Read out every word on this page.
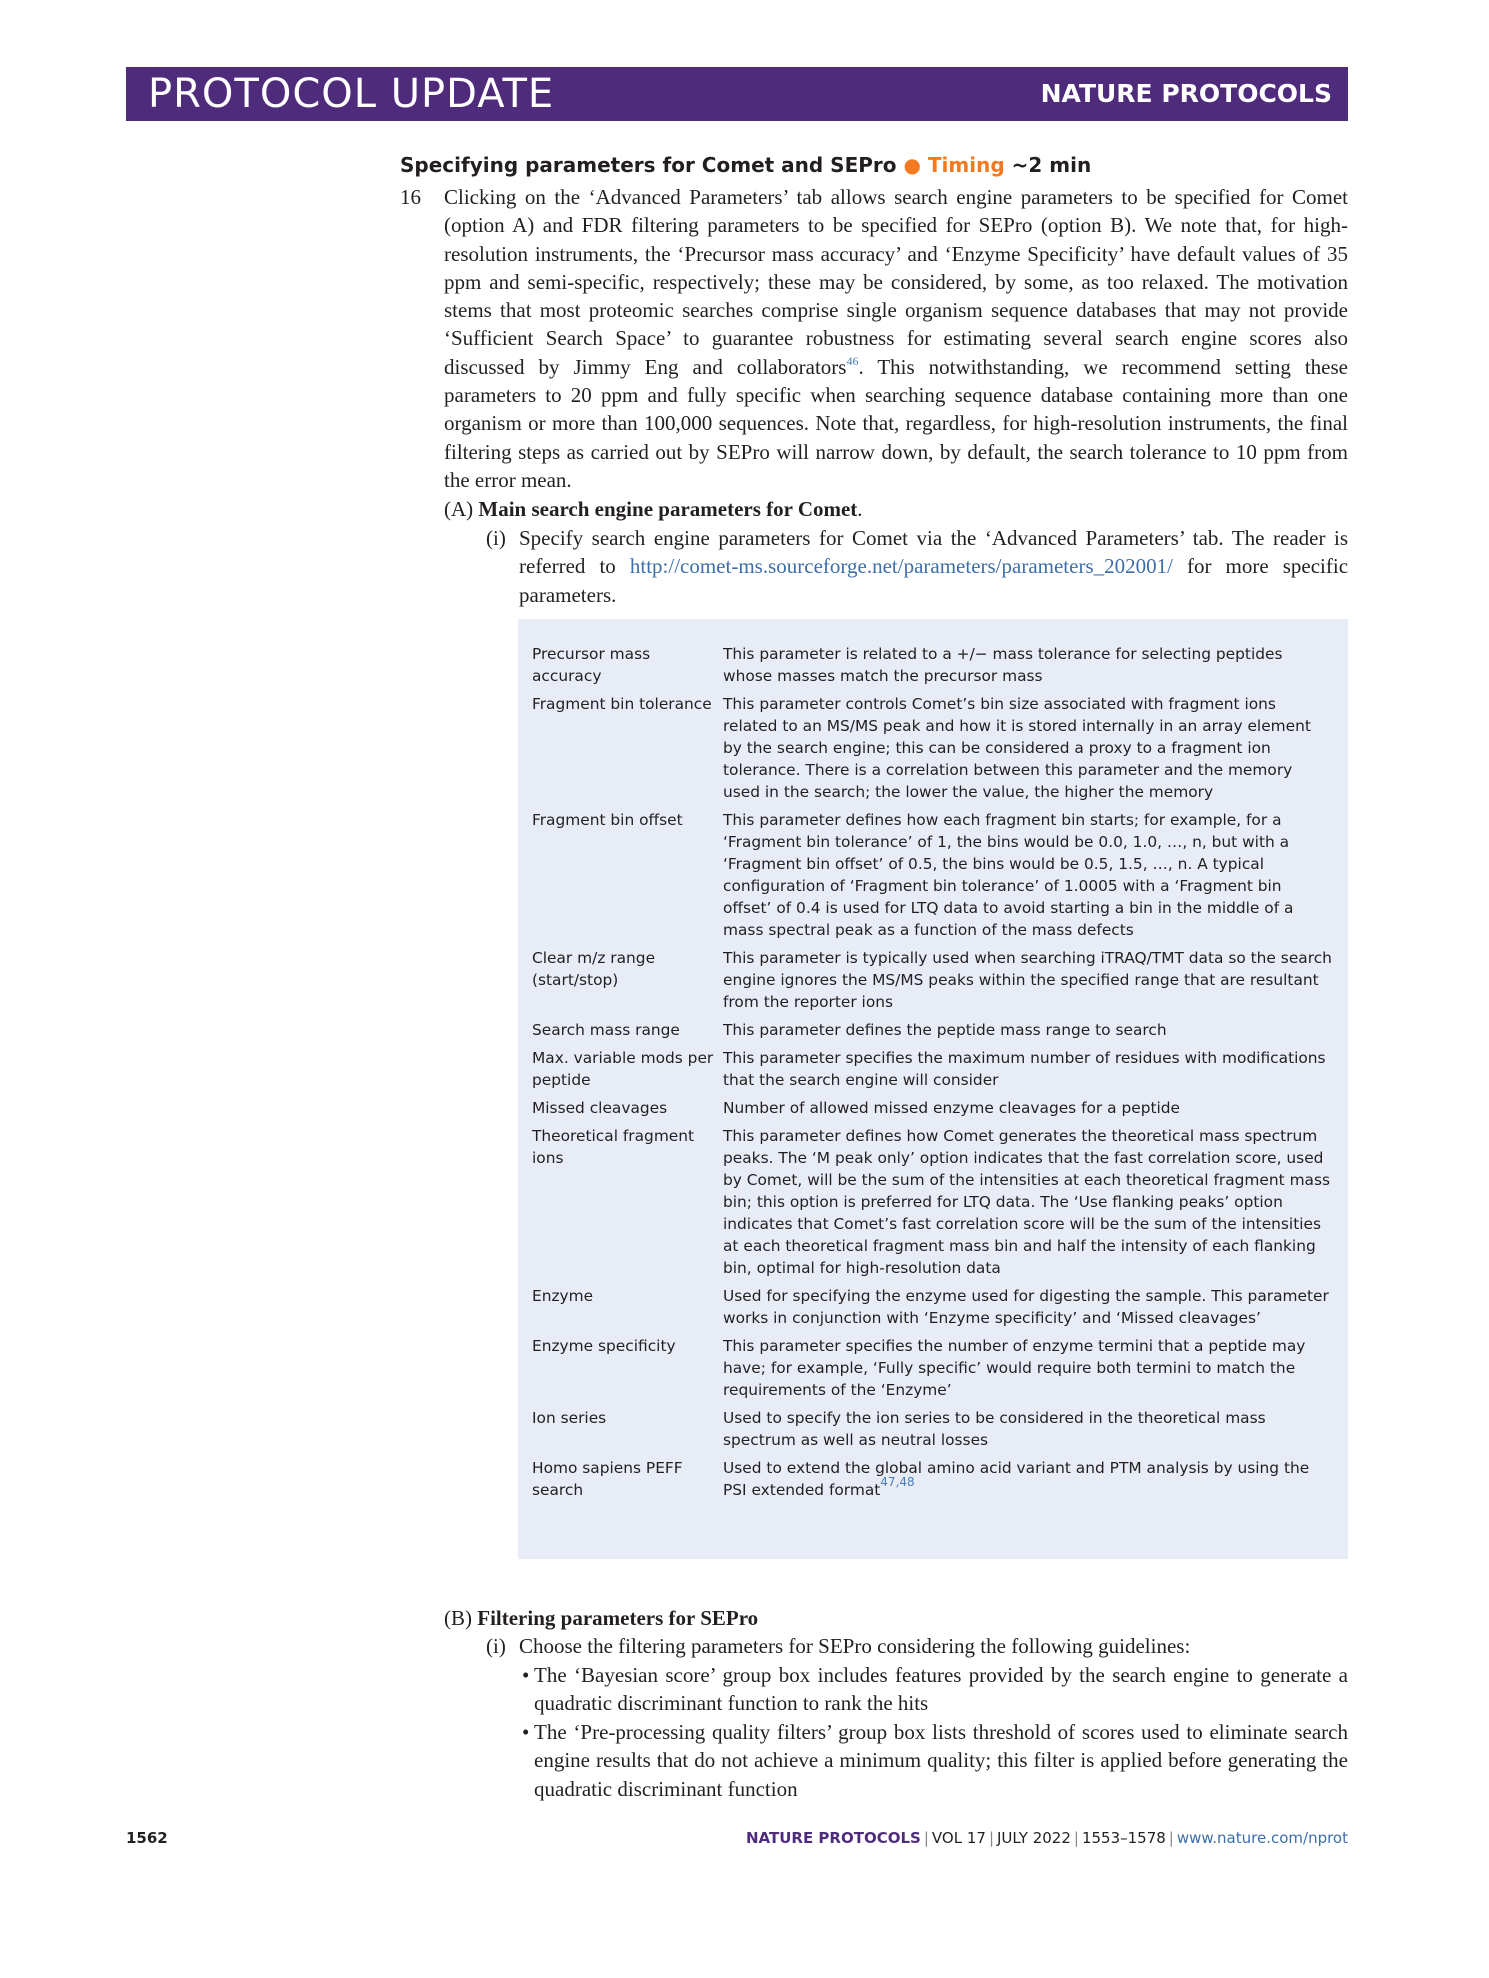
PROTOCOL UPDATE	NATURE PROTOCOLS
Specifying parameters for Comet and SEPro ● Timing ~2 min
16 Clicking on the ‘Advanced Parameters’ tab allows search engine parameters to be specified for Comet (option A) and FDR filtering parameters to be specified for SEPro (option B). We note that, for high-resolution instruments, the ‘Precursor mass accuracy’ and ‘Enzyme Specificity’ have default values of 35 ppm and semi-specific, respectively; these may be considered, by some, as too relaxed. The motivation stems that most proteomic searches comprise single organism sequence databases that may not provide ‘Sufficient Search Space’ to guarantee robustness for estimating several search engine scores also discussed by Jimmy Eng and collaborators$^{46}$. This notwithstanding, we recommend setting these parameters to 20 ppm and fully specific when searching sequence database containing more than one organism or more than 100,000 sequences. Note that, regardless, for high-resolution instruments, the final filtering steps as carried out by SEPro will narrow down, by default, the search tolerance to 10 ppm from the error mean.

(A) Main search engine parameters for Comet.

(i) Specify search engine parameters for Comet via the ‘Advanced Parameters’ tab. The reader is referred to http://comet-ms.sourceforge.net/parameters/parameters_202001/ for more specific parameters.

Precursor mass accuracy	This parameter is related to a +/− mass tolerance for selecting peptides whose masses match the precursor mass
Fragment bin tolerance	This parameter controls Comet’s bin size associated with fragment ions related to an MS/MS peak and how it is stored internally in an array element by the search engine; this can be considered a proxy to a fragment ion tolerance. There is a correlation between this parameter and the memory used in the search; the lower the value, the higher the memory
Fragment bin offset	This parameter defines how each fragment bin starts; for example, for a ‘Fragment bin tolerance’ of 1, the bins would be 0.0, 1.0, …, n, but with a ‘Fragment bin offset’ of 0.5, the bins would be 0.5, 1.5, …, n. A typical configuration of ‘Fragment bin tolerance’ of 1.0005 with a ‘Fragment bin offset’ of 0.4 is used for LTQ data to avoid starting a bin in the middle of a mass spectral peak as a function of the mass defects
Clear m/z range (start/stop)	This parameter is typically used when searching iTRAQ/TMT data so the search engine ignores the MS/MS peaks within the specified range that are resultant from the reporter ions
Search mass range	This parameter defines the peptide mass range to search
Max. variable mods per peptide	This parameter specifies the maximum number of residues with modifications that the search engine will consider
Missed cleavages	Number of allowed missed enzyme cleavages for a peptide
Theoretical fragment ions	This parameter defines how Comet generates the theoretical mass spectrum peaks. The ‘M peak only’ option indicates that the fast correlation score, used by Comet, will be the sum of the intensities at each theoretical fragment mass bin; this option is preferred for LTQ data. The ‘Use flanking peaks’ option indicates that Comet’s fast correlation score will be the sum of the intensities at each theoretical fragment mass bin and half the intensity of each flanking bin, optimal for high-resolution data
Enzyme	Used for specifying the enzyme used for digesting the sample. This parameter works in conjunction with ‘Enzyme specificity’ and ‘Missed cleavages’
Enzyme specificity	This parameter specifies the number of enzyme termini that a peptide may have; for example, ‘Fully specific’ would require both termini to match the requirements of the ‘Enzyme’
Ion series	Used to specify the ion series to be considered in the theoretical mass spectrum as well as neutral losses
Homo sapiens PEFF search	Used to extend the global amino acid variant and PTM analysis by using the PSI extended format$^{47,48}$
(B) Filtering parameters for SEPro

(i) Choose the filtering parameters for SEPro considering the following guidelines:

• The ‘Bayesian score’ group box includes features provided by the search engine to generate a quadratic discriminant function to rank the hits

• The ‘Pre-processing quality filters’ group box lists threshold of scores used to eliminate search engine results that do not achieve a minimum quality; this filter is applied before generating the quadratic discriminant function

1562	NATURE PROTOCOLS | VOL 17 | JULY 2022 | 1553–1578 | www.nature.com/nprot
